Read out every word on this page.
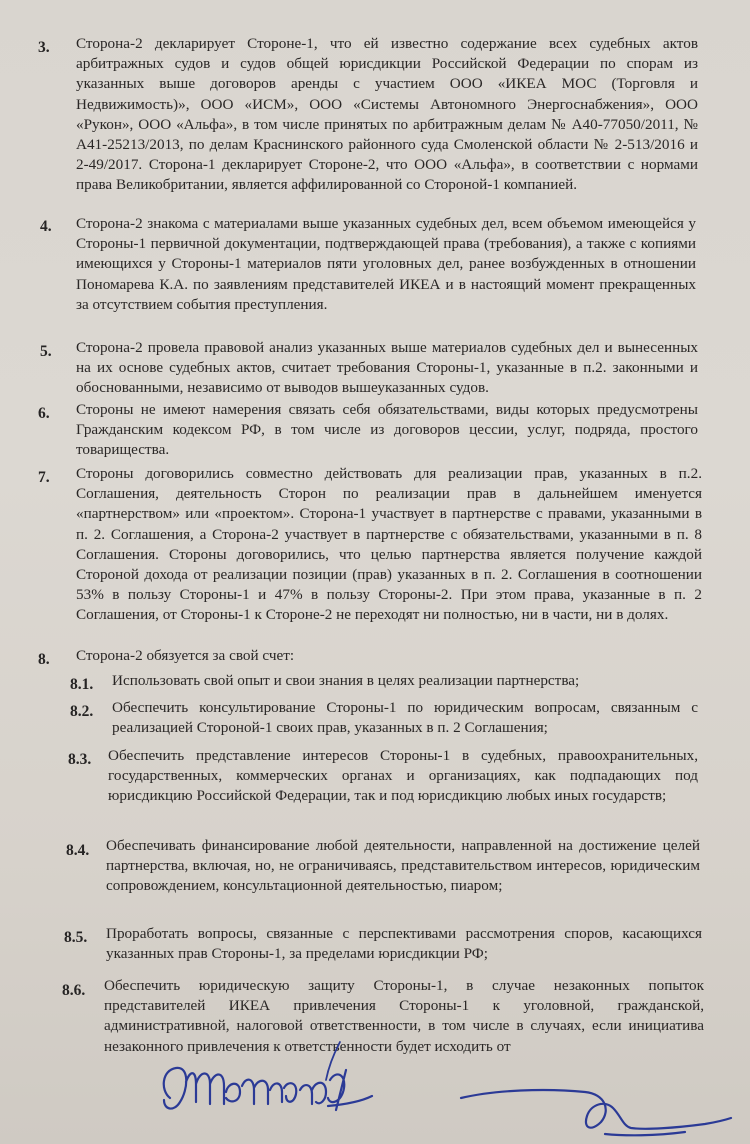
3. Сторона-2 декларирует Стороне-1, что ей известно содержание всех судебных актов арбитражных судов и судов общей юрисдикции Российской Федерации по спорам из указанных выше договоров аренды с участием ООО «ИКЕА МОС (Торговля и Недвижимость)», ООО «ИСМ», ООО «Системы Автономного Энергоснабжения», ООО «Рукон», ООО «Альфа», в том числе принятых по арбитражным делам № А40-77050/2011, № А41-25213/2013, по делам Краснинского районного суда Смоленской области № 2-513/2016 и 2-49/2017. Сторона-1 декларирует Стороне-2, что ООО «Альфа», в соответствии с нормами права Великобритании, является аффилированной со Стороной-1 компанией.
4. Сторона-2 знакома с материалами выше указанных судебных дел, всем объемом имеющейся у Стороны-1 первичной документации, подтверждающей права (требования), а также с копиями имеющихся у Стороны-1 материалов пяти уголовных дел, ранее возбужденных в отношении Пономарева К.А. по заявлениям представителей ИКЕА и в настоящий момент прекращенных за отсутствием события преступления.
5. Сторона-2 провела правовой анализ указанных выше материалов судебных дел и вынесенных на их основе судебных актов, считает требования Стороны-1, указанные в п.2. законными и обоснованными, независимо от выводов вышеуказанных судов.
6. Стороны не имеют намерения связать себя обязательствами, виды которых предусмотрены Гражданским кодексом РФ, в том числе из договоров цессии, услуг, подряда, простого товарищества.
7. Стороны договорились совместно действовать для реализации прав, указанных в п.2. Соглашения, деятельность Сторон по реализации прав в дальнейшем именуется «партнерством» или «проектом». Сторона-1 участвует в партнерстве с правами, указанными в п. 2. Соглашения, а Сторона-2 участвует в партнерстве с обязательствами, указанными в п. 8 Соглашения. Стороны договорились, что целью партнерства является получение каждой Стороной дохода от реализации позиции (прав) указанных в п. 2. Соглашения в соотношении 53% в пользу Стороны-1 и 47% в пользу Стороны-2. При этом права, указанные в п. 2 Соглашения, от Стороны-1 к Стороне-2 не переходят ни полностью, ни в части, ни в долях.
8. Сторона-2 обязуется за свой счет:
8.1. Использовать свой опыт и свои знания в целях реализации партнерства;
8.2. Обеспечить консультирование Стороны-1 по юридическим вопросам, связанным с реализацией Стороной-1 своих прав, указанных в п. 2 Соглашения;
8.3. Обеспечить представление интересов Стороны-1 в судебных, правоохранительных, государственных, коммерческих органах и организациях, как подпадающих под юрисдикцию Российской Федерации, так и под юрисдикцию любых иных государств;
8.4. Обеспечивать финансирование любой деятельности, направленной на достижение целей партнерства, включая, но, не ограничиваясь, представительством интересов, юридическим сопровождением, консультационной деятельностью, пиаром;
8.5. Проработать вопросы, связанные с перспективами рассмотрения споров, касающихся указанных прав Стороны-1, за пределами юрисдикции РФ;
8.6. Обеспечить юридическую защиту Стороны-1, в случае незаконных попыток представителей ИКЕА привлечения Стороны-1 к уголовной, гражданской, административной, налоговой ответственности, в том числе в случаях, если инициатива незаконного привлечения к ответственности будет исходить от
